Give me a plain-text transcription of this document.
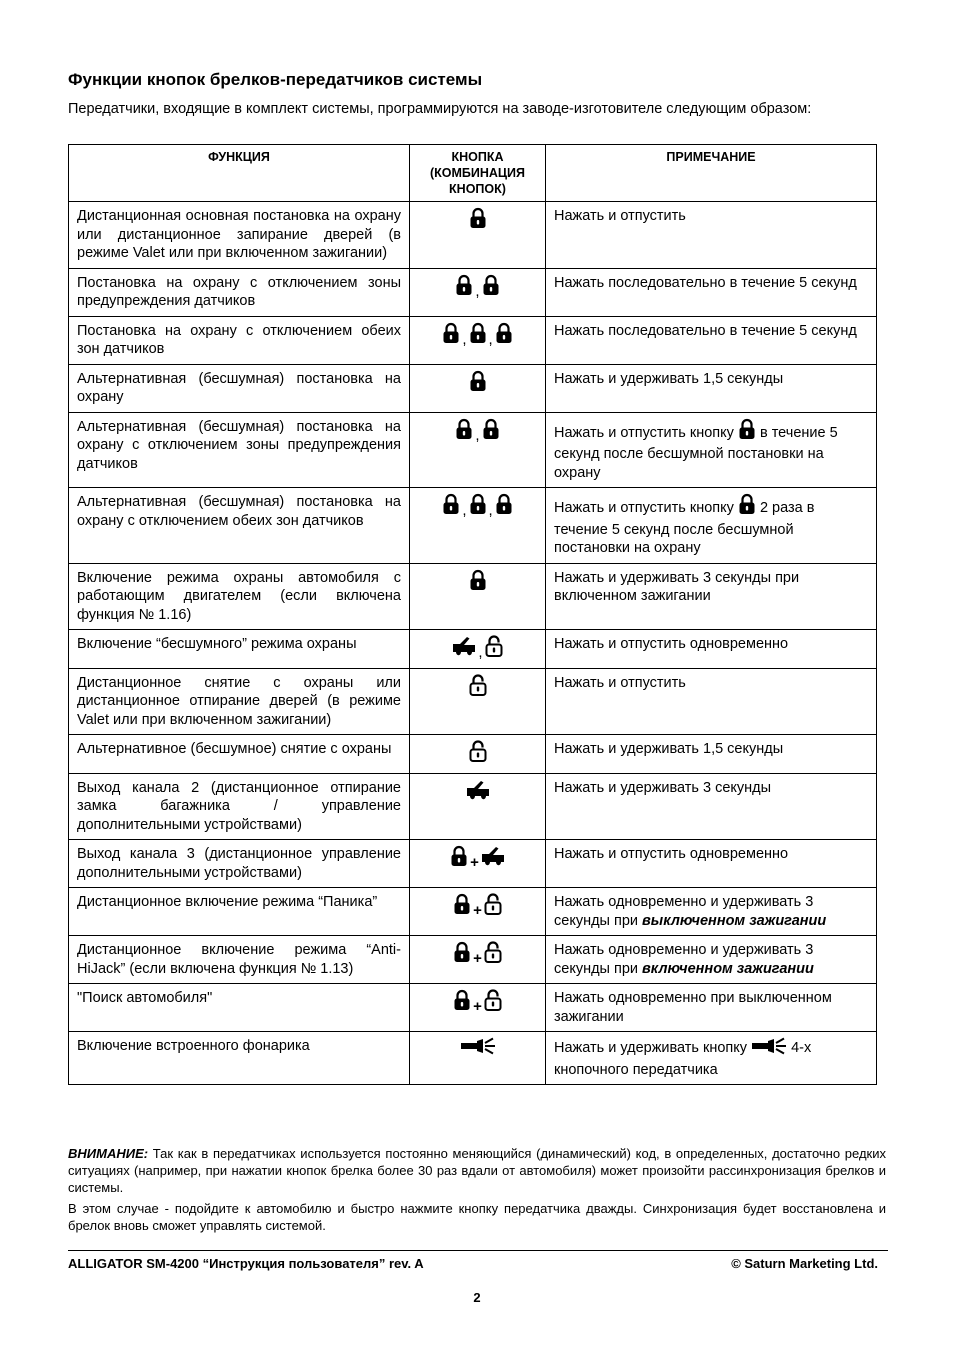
Функции кнопок брелков-передатчиков системы
Передатчики, входящие в комплект системы, программируются на заводе-изготовителе следующим образом:
ФУНКЦИЯ	КНОПКА (КОМБИНАЦИЯ КНОПОК)	ПРИМЕЧАНИЕ
Дистанционная основная постановка на охрану или дистанционное запирание дверей (в режиме Valet или при включенном зажигании)		Нажать и отпустить
Постановка на охрану с отключением зоны предупреждения датчиков	,	Нажать последовательно в течение 5 секунд
Постановка на охрану с отключением обеих зон датчиков	, ,	Нажать последовательно в течение 5 секунд
Альтернативная (бесшумная) постановка на охрану		Нажать и удерживать 1,5 секунды
Альтернативная (бесшумная) постановка на охрану с отключением зоны предупреждения датчиков	,	Нажать и отпустить кнопку в течение 5 секунд после бесшумной постановки на охрану
Альтернативная (бесшумная) постановка на охрану с отключением обеих зон датчиков	, ,	Нажать и отпустить кнопку 2 раза в течение 5 секунд после бесшумной постановки на охрану
Включение режима охраны автомобиля с работающим двигателем (если включена функция № 1.16)		Нажать и удерживать 3 секунды при включенном зажигании
Включение “бесшумного” режима охраны	,	Нажать и отпустить одновременно
Дистанционное снятие с охраны или дистанционное отпирание дверей (в режиме Valet или при включенном зажигании)		Нажать и отпустить
Альтернативное (бесшумное) снятие с охраны		Нажать и удерживать 1,5 секунды
Выход канала 2 (дистанционное отпирание замка багажника / управление дополнительными устройствами)		Нажать и удерживать 3 секунды
Выход канала 3 (дистанционное управление дополнительными устройствами)	+	Нажать и отпустить одновременно
Дистанционное включение режима “Паника”	+	Нажать одновременно и удерживать 3 секунды при выключенном зажигании
Дистанционное включение режима “Anti-HiJack” (если включена функция № 1.13)	+	Нажать одновременно и удерживать 3 секунды при включенном зажигании
"Поиск автомобиля"	+	Нажать одновременно при выключенном зажигании
Включение встроенного фонарика		Нажать и удерживать кнопку 4-х кнопочного передатчика

ВНИМАНИЕ: Так как в передатчиках используется постоянно меняющийся (динамический) код, в определенных, достаточно редких ситуациях (например, при нажатии кнопок брелка более 30 раз вдали от автомобиля) может произойти рассинхронизация брелков и системы.

В этом случае - подойдите к автомобилю и быстро нажмите кнопку передатчика дважды. Синхронизация будет восстановлена и брелок вновь сможет управлять системой.

ALLIGATOR SM-4200 “Инструкция пользователя” rev. A	© Saturn Marketing Ltd.
2
